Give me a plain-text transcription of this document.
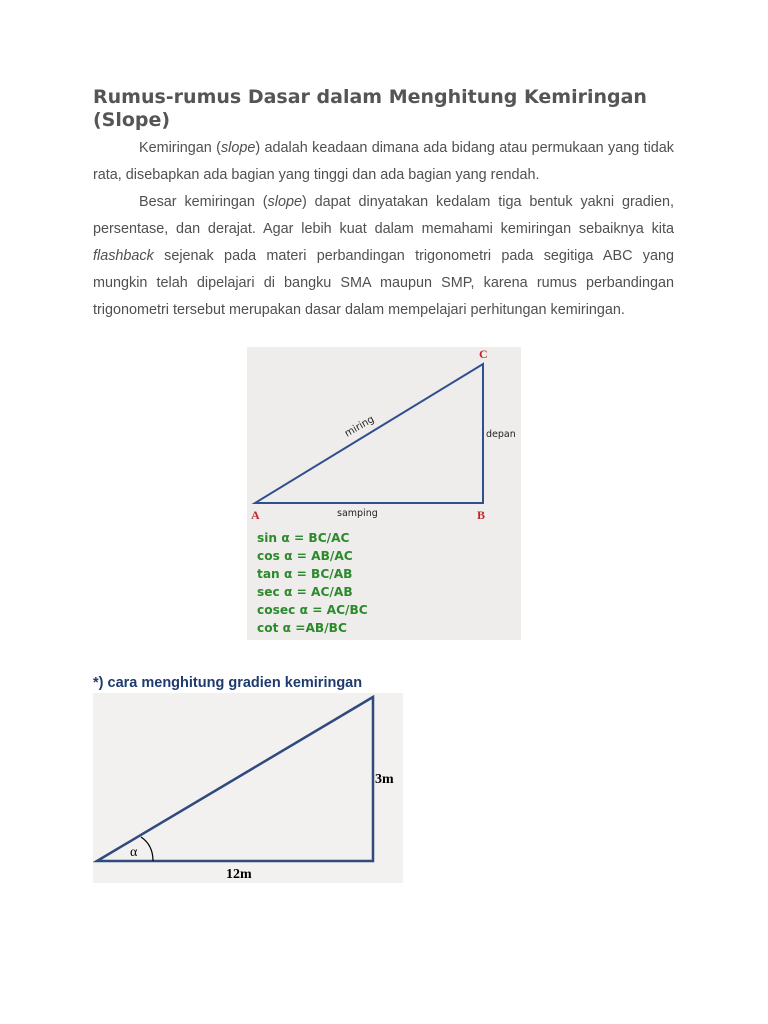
Rumus-rumus Dasar dalam Menghitung Kemiringan (Slope)

Kemiringan (slope) adalah keadaan dimana ada bidang atau permukaan yang tidak rata, disebapkan ada bagian yang tinggi dan ada bagian yang rendah.

Besar kemiringan (slope) dapat dinyatakan kedalam tiga bentuk yakni gradien, persentase, dan derajat. Agar lebih kuat dalam memahami kemiringan sebaiknya kita flashback sejenak pada materi perbandingan trigonometri pada segitiga ABC yang mungkin telah dipelajari di bangku SMA maupun SMP, karena rumus perbandingan trigonometri tersebut merupakan dasar dalam mempelajari perhitungan kemiringan.

C
A	B
miring	depan
samping
sin α = BC/AC
cos α = AB/AC
tan α = BC/AB
sec α = AC/AB
cosec α = AC/BC
cot α =AB/BC

*) cara menghitung gradien kemiringan

α
3m
12m
